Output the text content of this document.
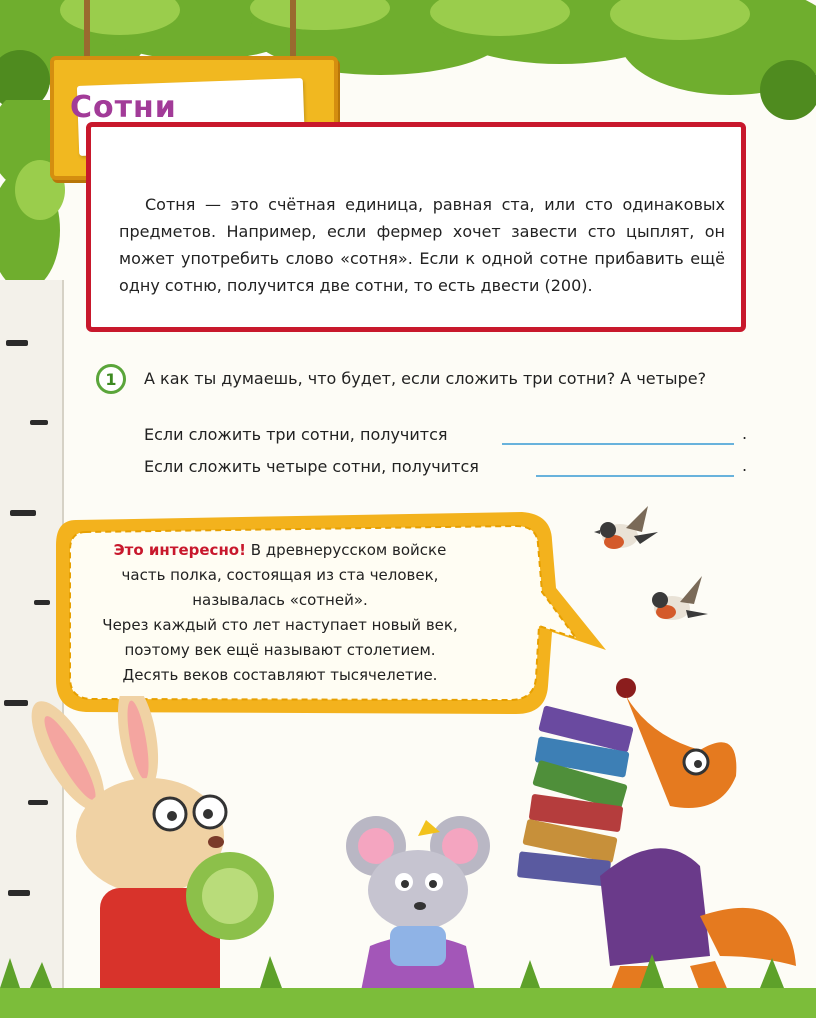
Сотня — это счётная единица, равная ста, или сто одинаковых предметов. Например, если фермер хочет завести сто цыплят, он может употребить слово «сотня». Если к одной сотне прибавить ещё одну сотню, получится две сотни, то есть двести (200).
Сотни
1	А как ты думаешь, что будет, если сложить три сотни? А четыре?
Если сложить три сотни, получится	.
Если сложить четыре сотни, получится	.
Это интересно! В древнерусском войске
часть полка, состоящая из ста человек,
называлась «сотней».
Через каждый сто лет наступает новый век,
поэтому век ещё называют столетием.
Десять веков составляют тысячелетие.
